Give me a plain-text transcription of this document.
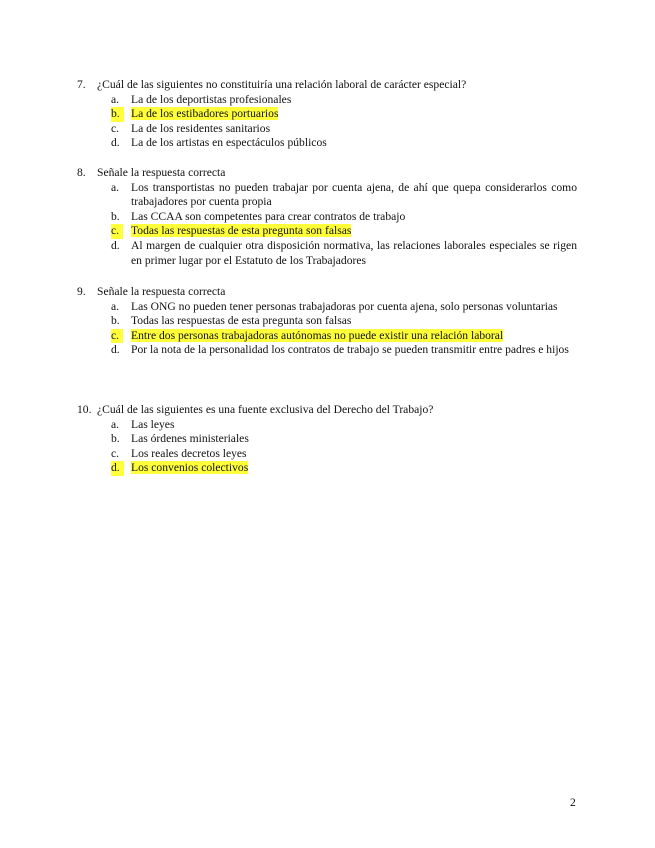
7. ¿Cuál de las siguientes no constituiría una relación laboral de carácter especial?
a. La de los deportistas profesionales
b. La de los estibadores portuarios
c. La de los residentes sanitarios
d. La de los artistas en espectáculos públicos
8. Señale la respuesta correcta
a. Los transportistas no pueden trabajar por cuenta ajena, de ahí que quepa considerarlos como trabajadores por cuenta propia
b. Las CCAA son competentes para crear contratos de trabajo
c.	Todas las respuestas de esta pregunta son falsas
d. Al margen de cualquier otra disposición normativa, las relaciones laborales especiales se rigen en primer lugar por el Estatuto de los Trabajadores
9. Señale la respuesta correcta
a. Las ONG no pueden tener personas trabajadoras por cuenta ajena, solo personas voluntarias
b. Todas las respuestas de esta pregunta son falsas
c.	Entre dos personas trabajadoras autónomas no puede existir una relación laboral
d. Por la nota de la personalidad los contratos de trabajo se pueden transmitir entre padres e hijos
10. ¿Cuál de las siguientes es una fuente exclusiva del Derecho del Trabajo?
a. Las leyes
b. Las órdenes ministeriales
c. Los reales decretos leyes
d. Los convenios colectivos
2
